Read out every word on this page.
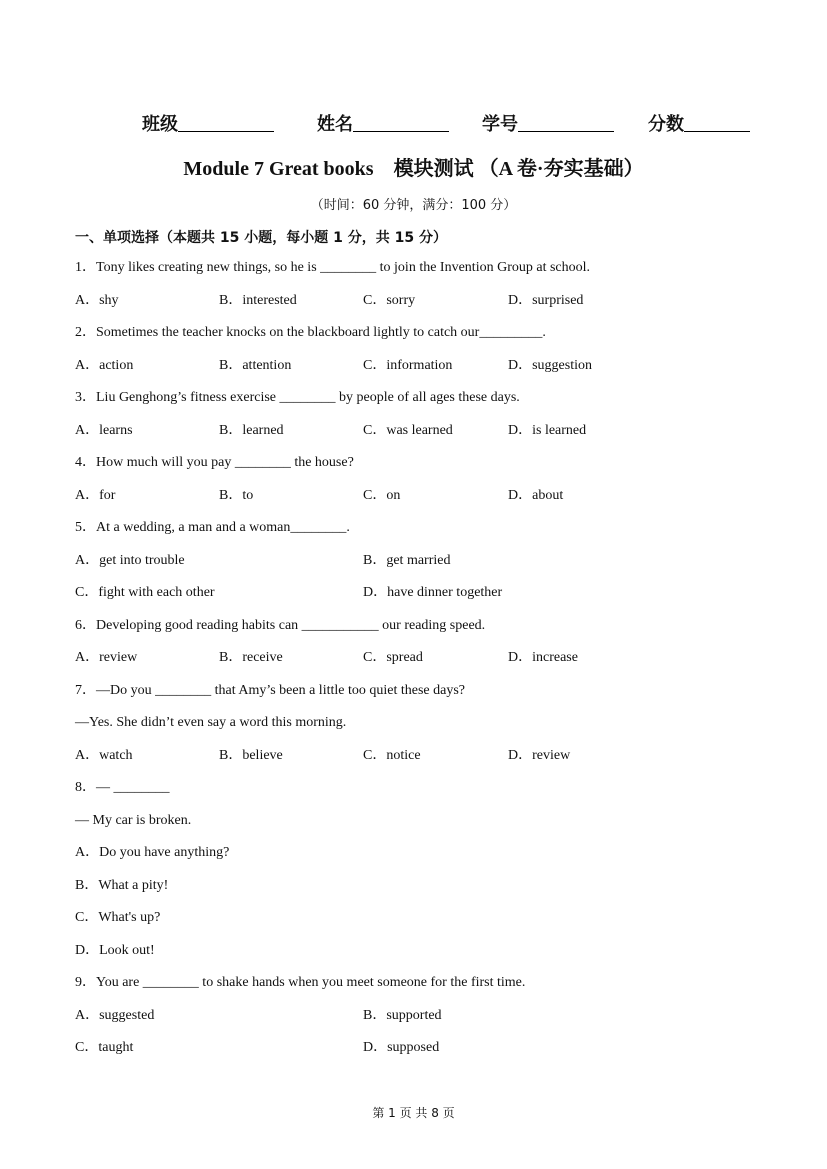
班级	姓名	学号	分数
Module 7 Great books　模块测试 （A 卷·夯实基础）
（时间：60 分钟，满分：100 分）
一、单项选择（本题共 15 小题，每小题 1 分，共 15 分）
1．Tony likes creating new things, so he is ________ to join the Invention Group at school.
A．shy	B．interested	C．sorry	D．surprised
2．Sometimes the teacher knocks on the blackboard lightly to catch our_________.
A．action	B．attention	C．information	D．suggestion
3．Liu Genghong’s fitness exercise ________ by people of all ages these days.
A．learns	B．learned	C．was learned	D．is learned
4．How much will you pay ________ the house?
A．for	B．to	C．on	D．about
5．At a wedding, a man and a woman________.
A．get into trouble	B．get married
C．fight with each other	D．have dinner together
6．Developing good reading habits can ___________ our reading speed.
A．review	B．receive	C．spread	D．increase
7．—Do you ________ that Amy’s been a little too quiet these days?
—Yes. She didn’t even say a word this morning.
A．watch	B．believe	C．notice	D．review
8．— ________
— My car is broken.
A．Do you have anything?
B．What a pity!
C．What's up?
D．Look out!
9．You are ________ to shake hands when you meet someone for the first time.
A．suggested	B．supported
C．taught	D．supposed
第 1 页 共 8 页
